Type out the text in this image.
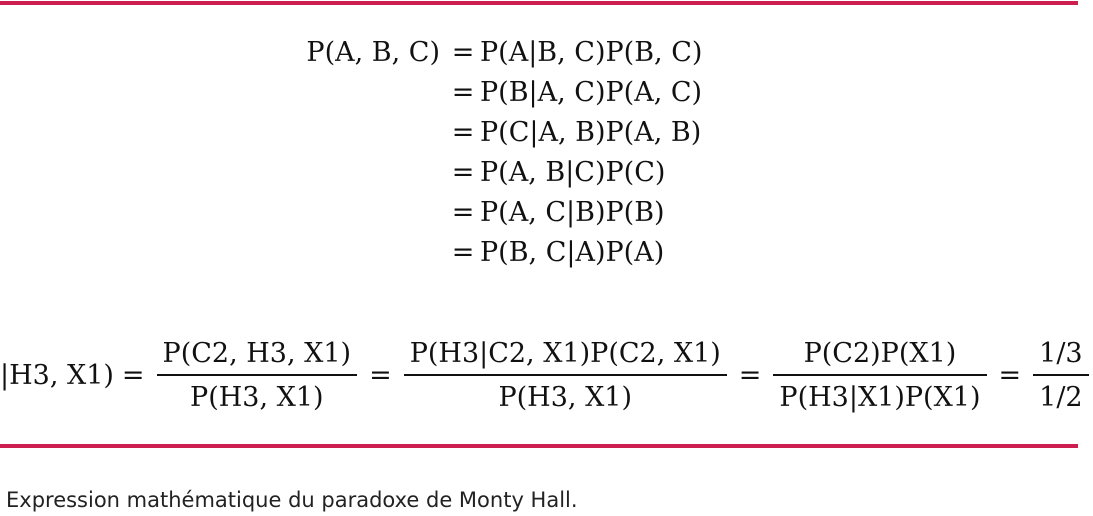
P(A, B, C) = P(A|B, C)P(B, C)
= P(B|A, C)P(A, C)
= P(C|A, B)P(A, B)
= P(A, B|C)P(C)
= P(A, C|B)P(B)
= P(B, C|A)P(A)
|H3, $X1) = \frac{P(C2, H3, X1)}{P(H3, X1)} = \frac{P(H3|C2, X1)P(C2, X1)}{P(H3, X1)} = \frac{P(C2)P(X1)}{P(H3|X1)P(X1)} = \frac{1/3}{1/2}$
Expression mathématique du paradoxe de Monty Hall.
